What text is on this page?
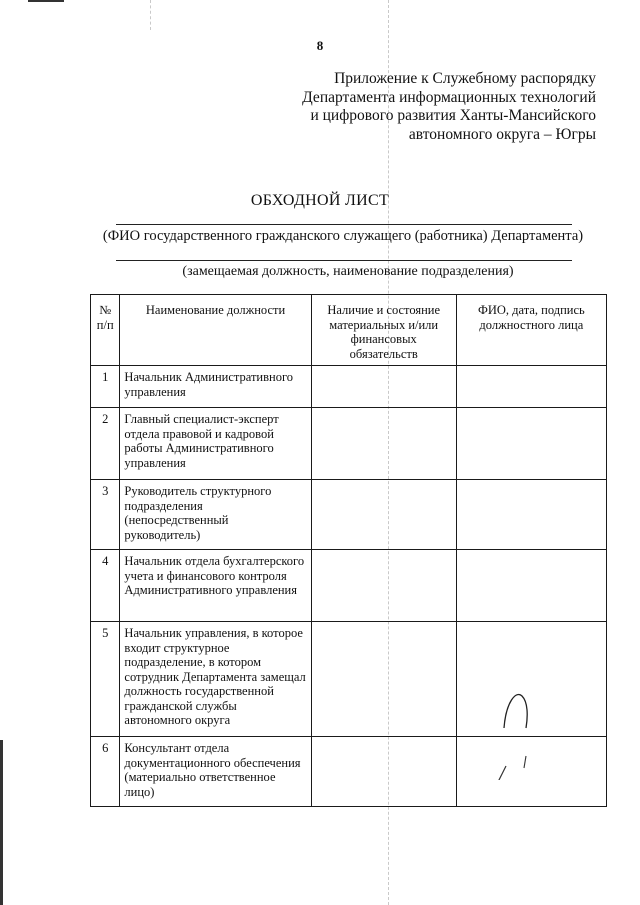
8
Приложение к Служебному распорядку
Департамента информационных технологий
и цифрового развития Ханты-Мансийского
автономного округа – Югры
ОБХОДНОЙ ЛИСТ
(ФИО государственного гражданского служащего (работника) Департамента)
(замещаемая должность, наименование подразделения)
№ п/п	Наименование должности	Наличие и состояние материальных и/или финансовых обязательств	ФИО, дата, подпись должностного лица
1	Начальник Административного управления		
2	Главный специалист-эксперт отдела правовой и кадровой работы Административного управления		
3	Руководитель структурного подразделения (непосредственный руководитель)		
4	Начальник отдела бухгалтерского учета и финансового контроля Административного управления		
5	Начальник управления, в которое входит структурное подразделение, в котором сотрудник Департамента замещал должность государственной гражданской службы автономного округа		
6	Консультант отдела документационного обеспечения (материально ответственное лицо)		
